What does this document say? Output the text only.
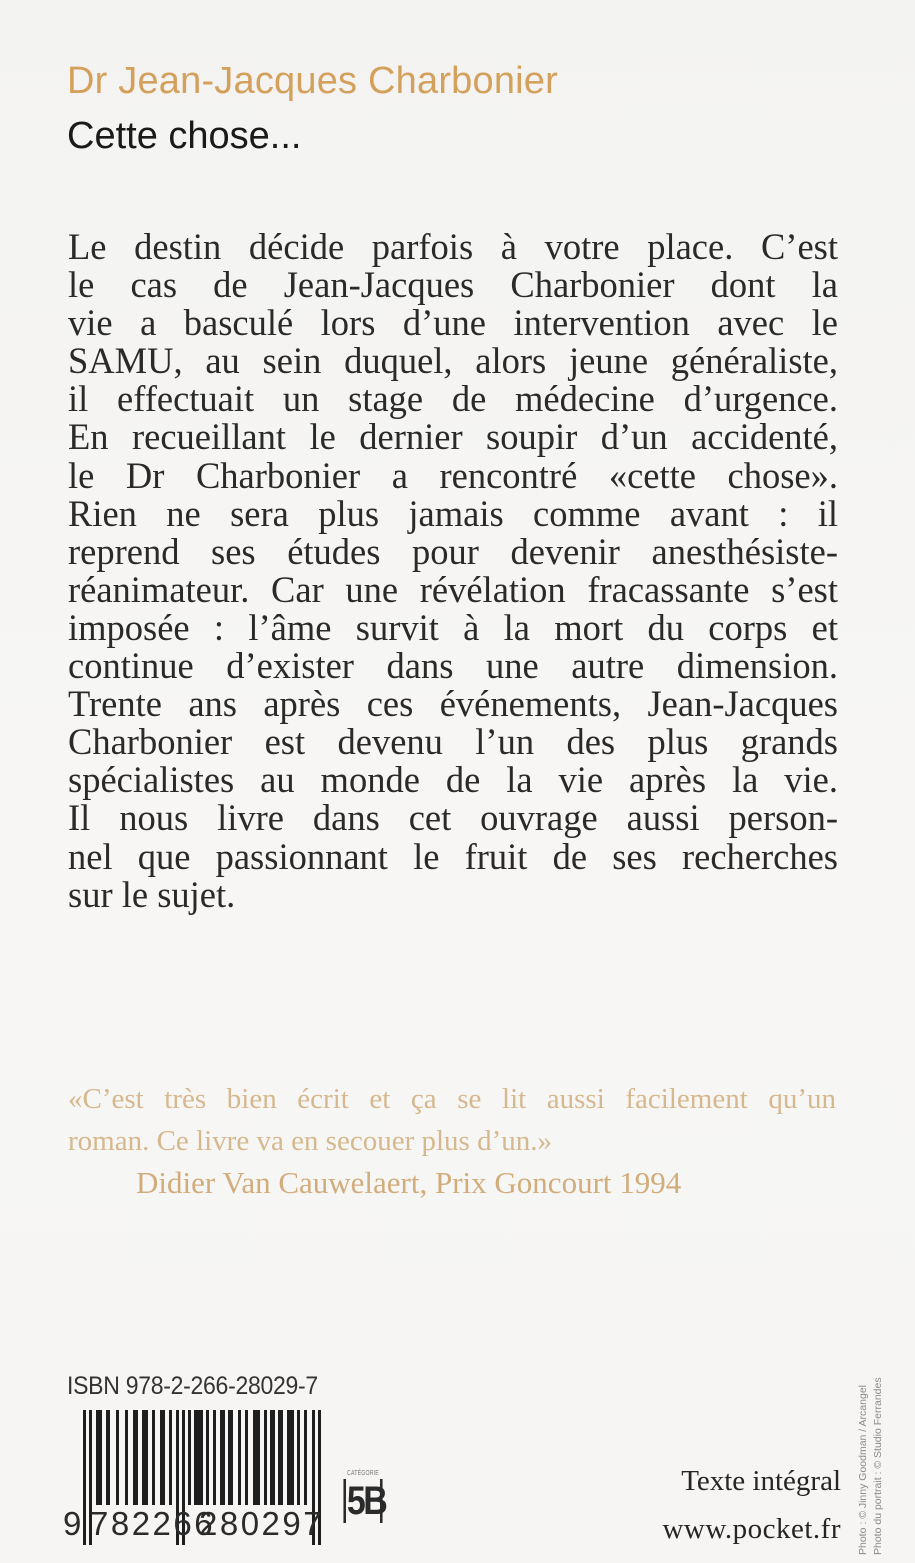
Dr Jean-Jacques Charbonier
Cette chose...
Le destin décide parfois à votre place. C’est
le cas de Jean-Jacques Charbonier dont la
vie a basculé lors d’une intervention avec le
SAMU, au sein duquel, alors jeune généraliste,
il effectuait un stage de médecine d’urgence.
En recueillant le dernier soupir d’un accidenté,
le Dr Charbonier a rencontré «cette chose».
Rien ne sera plus jamais comme avant : il
reprend ses études pour devenir anesthésiste-
réanimateur. Car une révélation fracassante s’est
imposée : l’âme survit à la mort du corps et
continue d’exister dans une autre dimension.
Trente ans après ces événements, Jean-Jacques
Charbonier est devenu l’un des plus grands
spécialistes au monde de la vie après la vie.
Il nous livre dans cet ouvrage aussi person-
nel que passionnant le fruit de ses recherches
sur le sujet.
«C’est très bien écrit et ça se lit aussi facilement qu’un
roman. Ce livre va en secouer plus d’un.»
Didier Van Cauwelaert, Prix Goncourt 1994
ISBN 978-2-266-28029-7
9 782266
280297
CATÉGORIE
5B	Texte intégral
www.pocket.fr Photo : © Jinny Goodman / Arcangel Photo du portrait : © Studio Ferrandes
